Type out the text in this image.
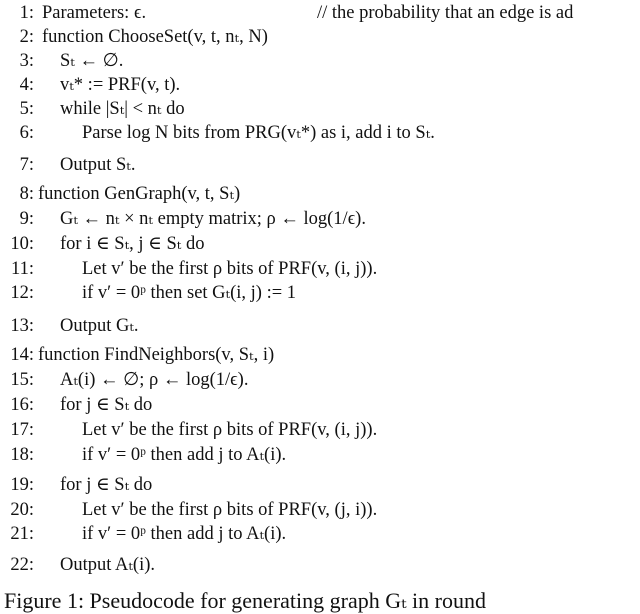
1: Parameters: ϵ.	// the probability that an edge is ad
2: function ChooseSet(v, t, nₜ, N)
3: Sₜ ← ∅.
4: vₜ* := PRF(v, t).
5: while |Sₜ| < nₜ do
6:	Parse log N bits from PRG(vₜ*) as i, add i to Sₜ.
7: Output Sₜ.
8: function GenGraph(v, t, Sₜ)
9: Gₜ ← nₜ × nₜ empty matrix; ρ ← log(1/ϵ).
10: for i ∈ Sₜ, j ∈ Sₜ do
11:	Let v′ be the first ρ bits of PRF(v, (i, j)).
12:	if v′ = 0ᵖ then set Gₜ(i, j) := 1
13: Output Gₜ.
14: function FindNeighbors(v, Sₜ, i)
15: Aₜ(i) ← ∅; ρ ← log(1/ϵ).
16: for j ∈ Sₜ do
17:	Let v′ be the first ρ bits of PRF(v, (i, j)).
18:	if v′ = 0ᵖ then add j to Aₜ(i).
19: for j ∈ Sₜ do
20:	Let v′ be the first ρ bits of PRF(v, (j, i)).
21:	if v′ = 0ᵖ then add j to Aₜ(i).
22: Output Aₜ(i).
Figure 1: Pseudocode for generating graph Gₜ in round
